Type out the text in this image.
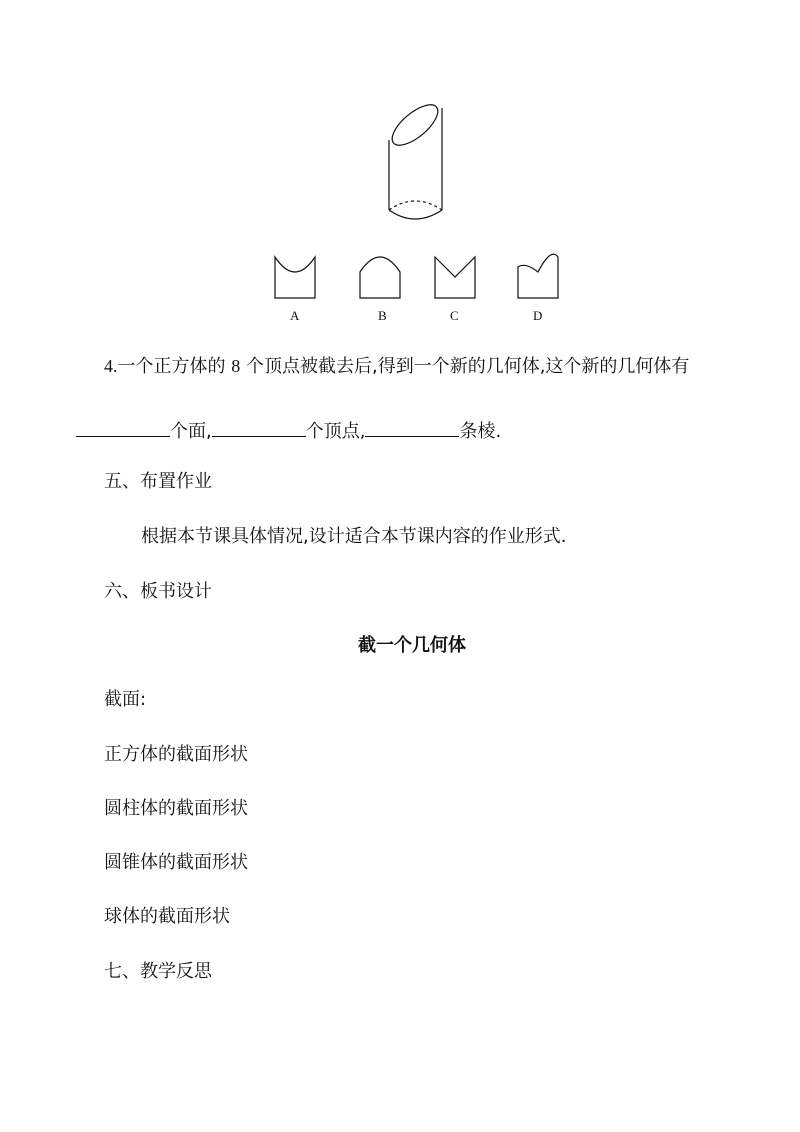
A	B	C	D
4.一个正方体的 8 个顶点被截去后,得到一个新的几何体,这个新的几何体有
个面,	个顶点,	条棱.
五、布置作业
根据本节课具体情况,设计适合本节课内容的作业形式.
六、板书设计
截一个几何体
截面:
正方体的截面形状
圆柱体的截面形状
圆锥体的截面形状
球体的截面形状
七、教学反思
